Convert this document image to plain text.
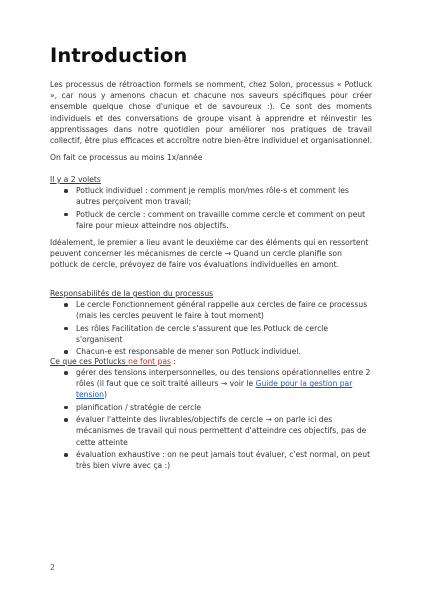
Introduction

Les processus de rétroaction formels se nomment, chez Solon, processus « Potluck », car nous y amenons chacun et chacune nos saveurs spécifiques pour créer ensemble quelque chose d'unique et de savoureux :). Ce sont des moments individuels et des conversations de groupe visant à apprendre et réinvestir les apprentissages dans notre quotidien pour améliorer nos pratiques de travail collectif, être plus efficaces et accroître notre bien-être individuel et organisationnel.

On fait ce processus au moins 1x/année

Il y a 2 volets

Potluck individuel : comment je remplis mon/mes rôle-s et comment les autres perçoivent mon travail;
Potluck de cercle : comment on travaille comme cercle et comment on peut faire pour mieux atteindre nos objectifs.

Idéalement, le premier a lieu avant le deuxième car des éléments qui en ressortent peuvent concerner les mécanismes de cercle → Quand un cercle planifie son potluck de cercle, prévoyez de faire vos évaluations individuelles en amont.

Responsabilités de la gestion du processus

Le cercle Fonctionnement général rappelle aux cercles de faire ce processus (mais les cercles peuvent le faire à tout moment)
Les rôles Facilitation de cercle s'assurent que les Potluck de cercle s'organisent
Chacun-e est responsable de mener son Potluck individuel.

Ce que ces Potlucks ne font pas :

gérer des tensions interpersonnelles, ou des tensions opérationnelles entre 2 rôles (il faut que ce soit traité ailleurs → voir le Guide pour la gestion par tension)
planification / stratégie de cercle
évaluer l'atteinte des livrables/objectifs de cercle → on parle ici des mécanismes de travail qui nous permettent d'atteindre ces objectifs, pas de cette atteinte
évaluation exhaustive : on ne peut jamais tout évaluer, c'est normal, on peut très bien vivre avec ça :)
2
